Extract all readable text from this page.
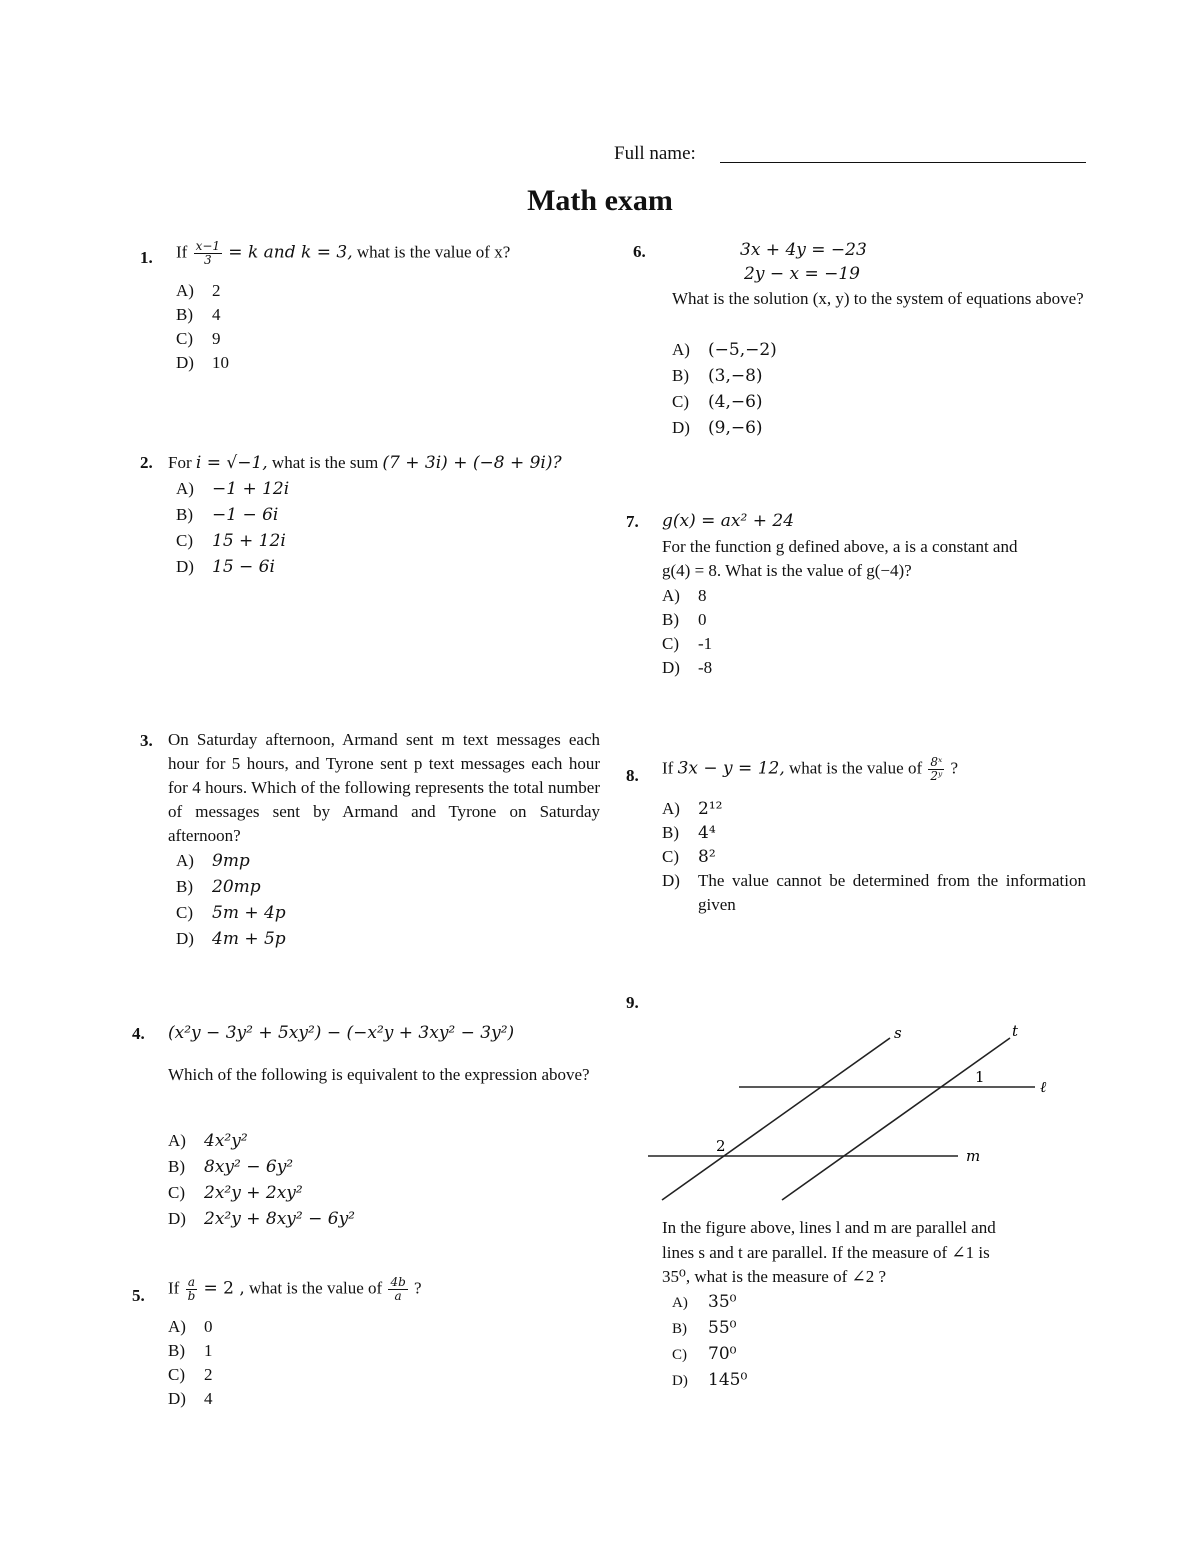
Full name:
Math exam
1. If $\frac{x-1}{3} = k$ and k = 3, what is the value of x?
A) 2
B) 4
C) 9
D) 10
2. For i = √−1, what is the sum (7 + 3i) + (−8 + 9i)?
A) −1 + 12i
B) −1 − 6i
C) 15 + 12i
D) 15 − 6i
3. On Saturday afternoon, Armand sent m text messages each hour for 5 hours, and Tyrone sent p text messages each hour for 4 hours. Which of the following represents the total number of messages sent by Armand and Tyrone on Saturday afternoon?
A) 9mp
B) 20mp
C) 5m + 4p
D) 4m + 5p
4. (x²y − 3y² + 5xy²) − (−x²y + 3xy² − 3y²)
Which of the following is equivalent to the expression above?
A) 4x²y²
B) 8xy² − 6y²
C) 2x²y + 2xy²
D) 2x²y + 8xy² − 6y²
5. If $\frac{a}{b} = 2$ , what is the value of $\frac{4b}{a}$ ?
A) 0
B) 1
C) 2
D) 4
6.	3x + 4y = −23
2y − x = −19
What is the solution (x, y) to the system of equations above?
A) (−5,−2)
B) (3,−8)
C) (4,−6)
D) (9,−6)
7. g(x) = ax² + 24
For the function g defined above, a is a constant and
g(4) = 8. What is the value of g(−4)?
A) 8
B) 0
C) -1
D) -8
8. If 3x − y = 12, what is the value of $\frac{\text{8ˣ}}{\text{2ʸ}}$ ?
A) 2¹²
B) 4⁴
C) 8²
D)	The value cannot be determined from the information given
9.
s	t
ℓ
m
1
2
In the figure above, lines l and m are parallel and
lines s and t are parallel. If the measure of ∠1 is
35⁰, what is the measure of ∠2 ?
A) 35⁰
B) 55⁰
C) 70⁰
D) 145⁰
